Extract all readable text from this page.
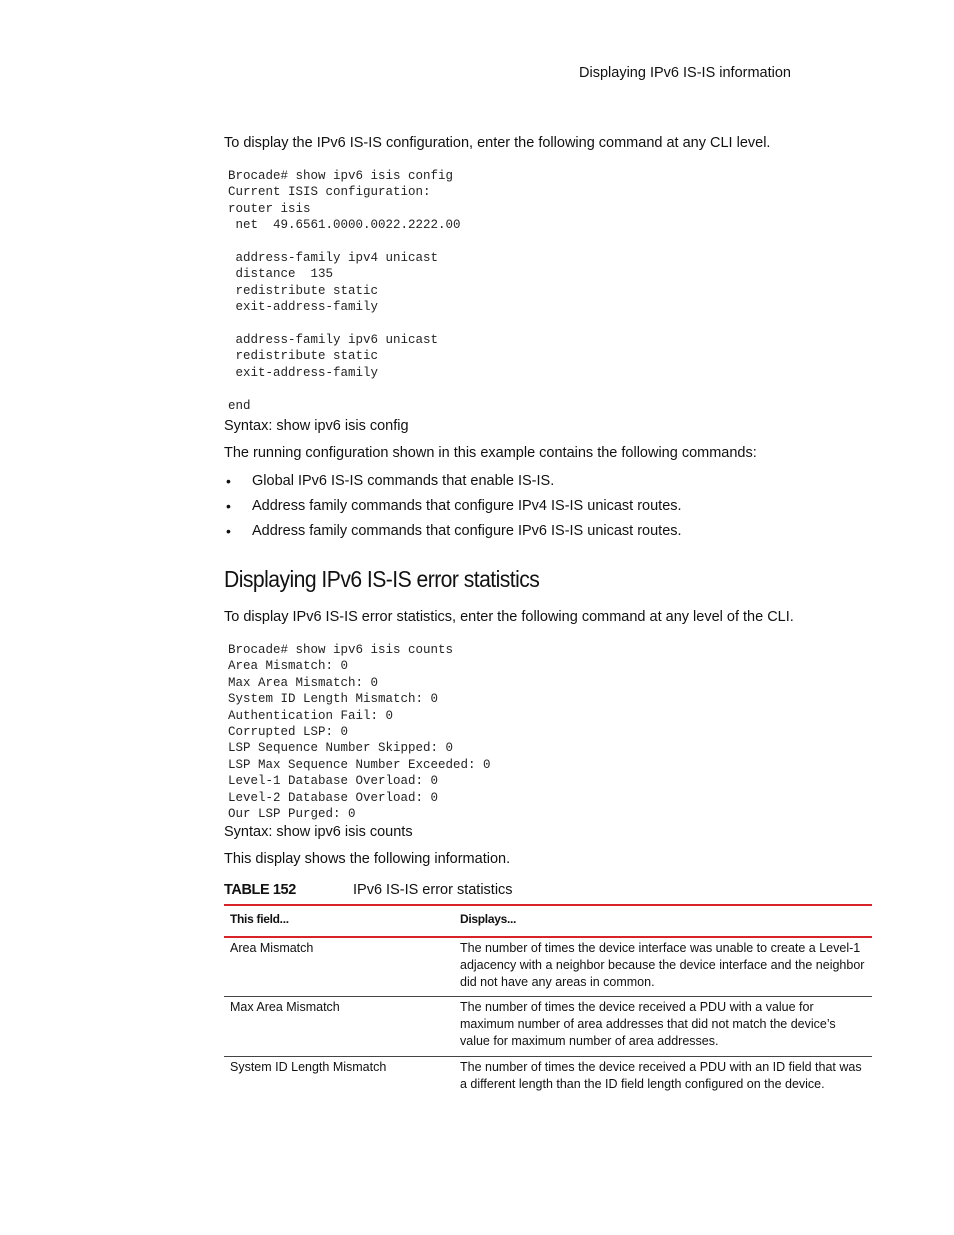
Displaying IPv6 IS-IS information
To display the IPv6 IS-IS configuration, enter the following command at any CLI level.
Brocade# show ipv6 isis config
Current ISIS configuration:
router isis
net  49.6561.0000.0022.2222.00

address-family ipv4 unicast
distance  135
redistribute static
exit-address-family

address-family ipv6 unicast
redistribute static
exit-address-family

end
Syntax: show ipv6 isis config
The running configuration shown in this example contains the following commands:
• Global IPv6 IS-IS commands that enable IS-IS.
• Address family commands that configure IPv4 IS-IS unicast routes.
• Address family commands that configure IPv6 IS-IS unicast routes.
Displaying IPv6 IS-IS error statistics
To display IPv6 IS-IS error statistics, enter the following command at any level of the CLI.
Brocade# show ipv6 isis counts
Area Mismatch: 0
Max Area Mismatch: 0
System ID Length Mismatch: 0
Authentication Fail: 0
Corrupted LSP: 0
LSP Sequence Number Skipped: 0
LSP Max Sequence Number Exceeded: 0
Level-1 Database Overload: 0
Level-2 Database Overload: 0
Our LSP Purged: 0
Syntax: show ipv6 isis counts
This display shows the following information.
TABLE 152	IPv6 IS-IS error statistics
This field...	Displays...
Area Mismatch	The number of times the device interface was unable to create a Level-1 adjacency with a neighbor because the device interface and the neighbor did not have any areas in common.
Max Area Mismatch	The number of times the device received a PDU with a value for maximum number of area addresses that did not match the device’s value for maximum number of area addresses.
System ID Length Mismatch	The number of times the device received a PDU with an ID field that was a different length than the ID field length configured on the device.
